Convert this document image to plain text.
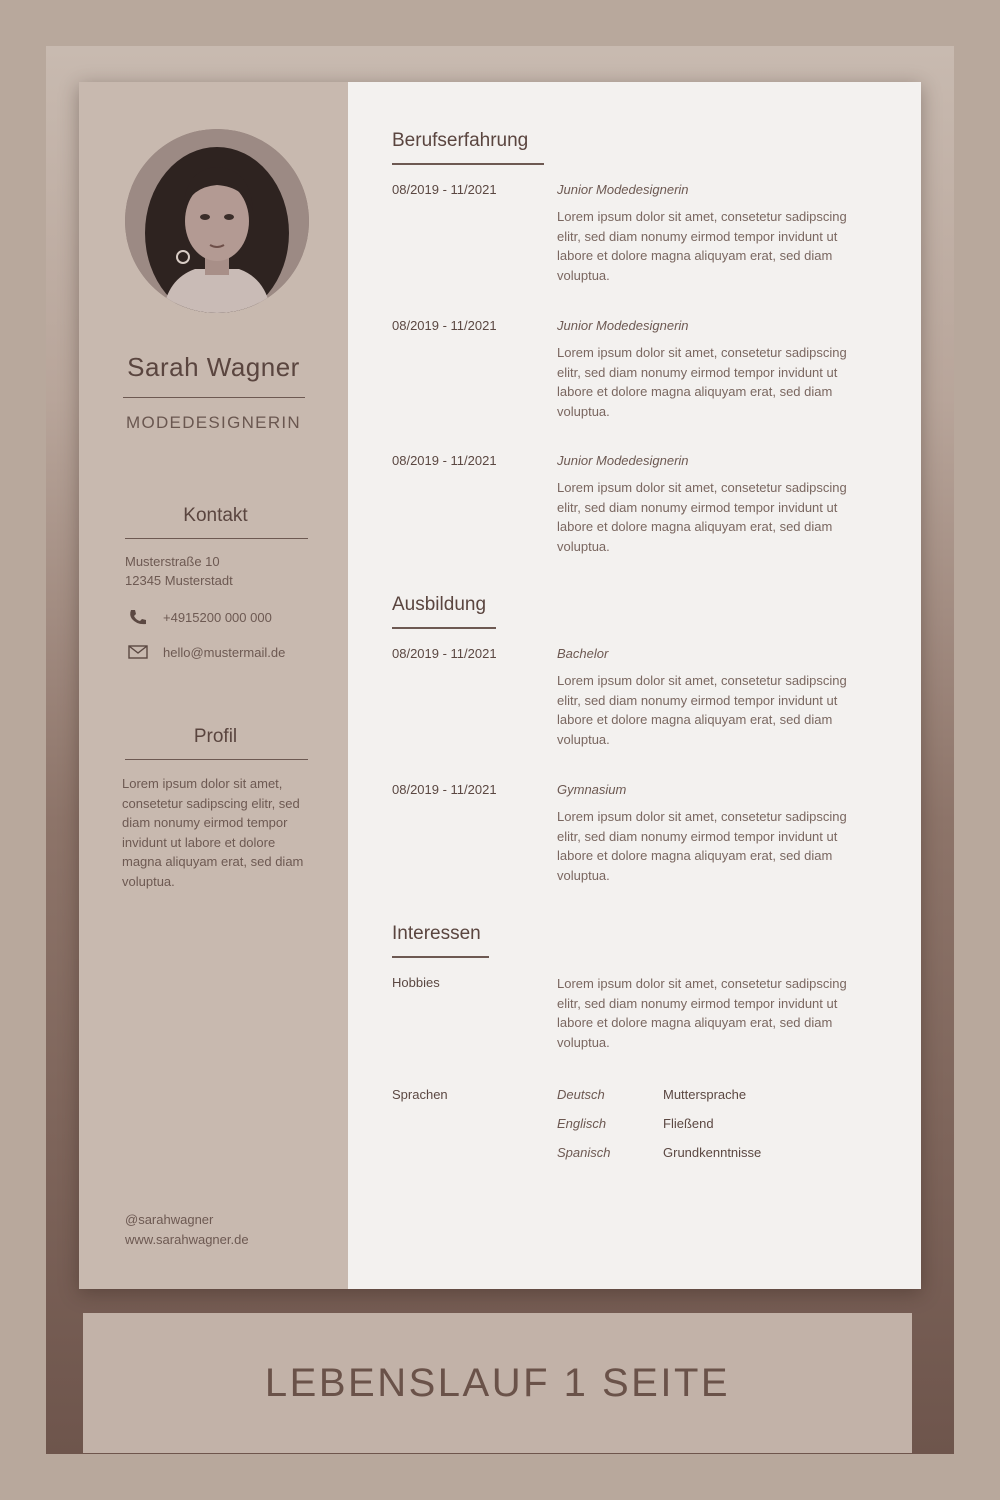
Sarah Wagner
MODEDESIGNERIN
Kontakt
Musterstraße 10
12345 Musterstadt
+4915200 000 000
hello@mustermail.de
Profil
Lorem ipsum dolor sit amet, consetetur sadipscing elitr, sed diam nonumy eirmod tempor invidunt ut labore et dolore magna aliquyam erat, sed diam voluptua.
@sarahwagner
www.sarahwagner.de
Berufserfahrung
08/2019 - 11/2021	Junior Modedesignerin
Lorem ipsum dolor sit amet, consetetur sadipscing elitr, sed diam nonumy eirmod tempor invidunt ut labore et dolore magna aliquyam erat, sed diam voluptua.
08/2019 - 11/2021	Junior Modedesignerin
Lorem ipsum dolor sit amet, consetetur sadipscing elitr, sed diam nonumy eirmod tempor invidunt ut labore et dolore magna aliquyam erat, sed diam voluptua.
08/2019 - 11/2021	Junior Modedesignerin
Lorem ipsum dolor sit amet, consetetur sadipscing elitr, sed diam nonumy eirmod tempor invidunt ut labore et dolore magna aliquyam erat, sed diam voluptua.
Ausbildung
08/2019 - 11/2021	Bachelor
Lorem ipsum dolor sit amet, consetetur sadipscing elitr, sed diam nonumy eirmod tempor invidunt ut labore et dolore magna aliquyam erat, sed diam voluptua.
08/2019 - 11/2021	Gymnasium
Lorem ipsum dolor sit amet, consetetur sadipscing elitr, sed diam nonumy eirmod tempor invidunt ut labore et dolore magna aliquyam erat, sed diam voluptua.
Interessen
Hobbies	Lorem ipsum dolor sit amet, consetetur sadipscing elitr, sed diam nonumy eirmod tempor invidunt ut labore et dolore magna aliquyam erat, sed diam voluptua.
Sprachen	Deutsch	Muttersprache
Englisch	Fließend
Spanisch	Grundkenntnisse
LEBENSLAUF 1 SEITE
